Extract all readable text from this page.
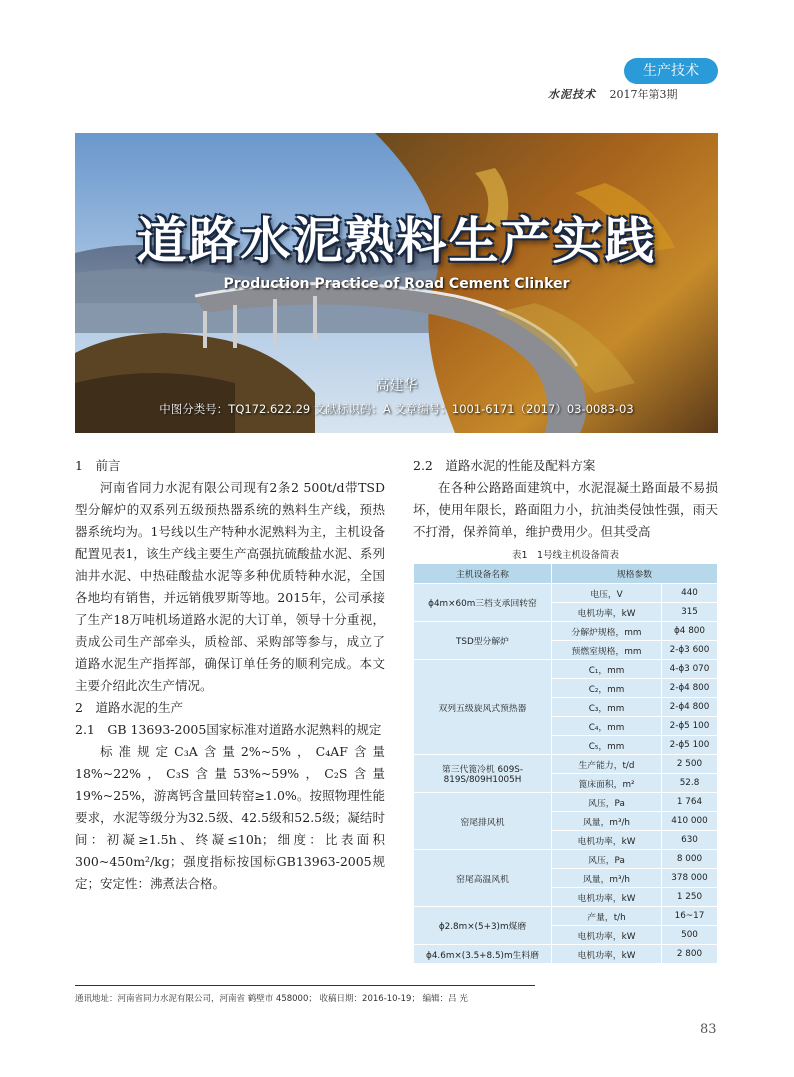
生产技术
水泥技术 2017年第3期
道路水泥熟料生产实践
Production Practice of Road Cement Clinker
高建华
中图分类号：TQ172.622.29 文献标识码：A 文章编号：1001-6171（2017）03-0083-03

1　前言

河南省同力水泥有限公司现有2条2 500t/d带TSD型分解炉的双系列五级预热器系统的熟料生产线，预热器系统均为。1号线以生产特种水泥熟料为主，主机设备配置见表1，该生产线主要生产高强抗硫酸盐水泥、系列油井水泥、中热硅酸盐水泥等多种优质特种水泥，全国各地均有销售，并远销俄罗斯等地。2015年，公司承接了生产18万吨机场道路水泥的大订单，领导十分重视，责成公司生产部牵头，质检部、采购部等参与，成立了道路水泥生产指挥部，确保订单任务的顺利完成。本文主要介绍此次生产情况。

2　道路水泥的生产

2.1　GB 13693-2005国家标准对道路水泥熟料的规定

标准规定C₃A含量2%~5%，C₄AF含量18%~22%，C₃S含量53%~59%，C₂S含量19%~25%，游离钙含量回转窑≥1.0%。按照物理性能要求，水泥等级分为32.5级、42.5级和52.5级；凝结时间：初凝≥1.5h、终凝≤10h；细度：比表面积300~450m²/kg；强度指标按国标GB13963-2005规定；安定性：沸煮法合格。

2.2　道路水泥的性能及配料方案

在各种公路路面建筑中，水泥混凝土路面最不易损坏，使用年限长，路面阻力小，抗油类侵蚀性强，雨天不打滑，保养简单，维护费用少。但其受高

表1　1号线主机设备简表
主机设备名称	规格参数	
ϕ4m×60m三档支承回转窑	电压，V	440
	电机功率，kW	315
TSD型分解炉	分解炉规格，mm	ϕ4 800
	预燃室规格，mm	2-ϕ3 600
双列五级旋风式预热器	C₁，mm	4-ϕ3 070
	C₂，mm	2-ϕ4 800
	C₃，mm	2-ϕ4 800
	C₄，mm	2-ϕ5 100
	C₅，mm	2-ϕ5 100
第三代篦冷机 609S-819S/809H1005H	生产能力，t/d	2 500
	篦床面积，m²	52.8
窑尾排风机	风压，Pa	1 764
	风量，m³/h	410 000
	电机功率，kW	630
窑尾高温风机	风压，Pa	8 000
	风量，m³/h	378 000
	电机功率，kW	1 250
ϕ2.8m×(5+3)m煤磨	产量，t/h	16~17
	电机功率，kW	500
ϕ4.6m×(3.5+8.5)m生料磨	电机功率，kW	2 800
通讯地址：河南省同力水泥有限公司，河南省 鹤壁市 458000； 收稿日期：2016-10-19； 编辑：吕 光
83
